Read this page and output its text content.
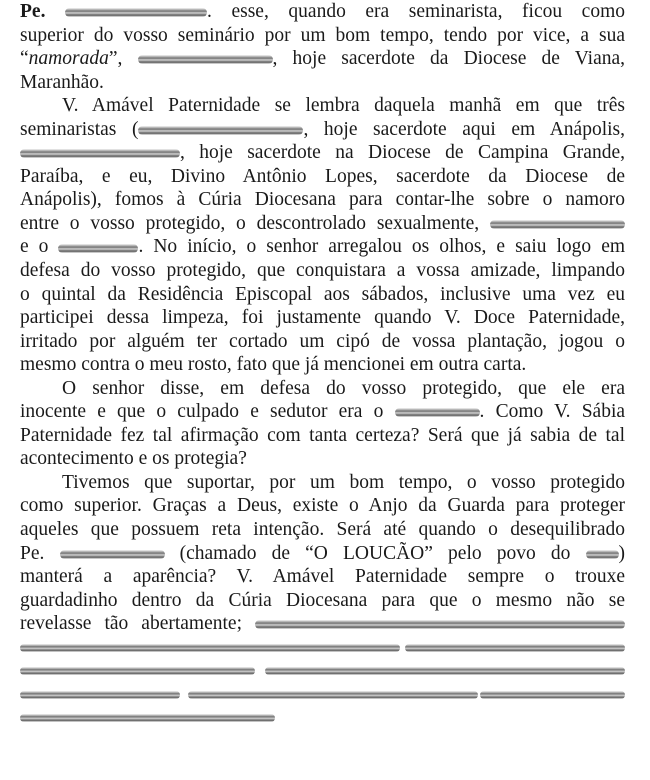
Pe.	. esse, quando era seminarista, ficou como
superior do vosso seminário por um bom tempo, tendo por vice, a sua
“namorada”,	, hoje sacerdote da Diocese de Viana,
Maranhão.
V. Amável Paternidade se lembra daquela manhã em que três
seminaristas (	, hoje sacerdote aqui em Anápolis,
, hoje sacerdote na Diocese de Campina Grande,
Paraíba, e eu, Divino Antônio Lopes, sacerdote da Diocese de
Anápolis), fomos à Cúria Diocesana para contar-lhe sobre o namoro
entre o vosso protegido, o descontrolado sexualmente,
e o	. No início, o senhor arregalou os olhos, e saiu logo em
defesa do vosso protegido, que conquistara a vossa amizade, limpando
o quintal da Residência Episcopal aos sábados, inclusive uma vez eu
participei dessa limpeza, foi justamente quando V. Doce Paternidade,
irritado por alguém ter cortado um cipó de vossa plantação, jogou o
mesmo contra o meu rosto, fato que já mencionei em outra carta.
O senhor disse, em defesa do vosso protegido, que ele era
inocente e que o culpado e sedutor era o	. Como V. Sábia
Paternidade fez tal afirmação com tanta certeza? Será que já sabia de tal
acontecimento e os protegia?
Tivemos que suportar, por um bom tempo, o vosso protegido
como superior. Graças a Deus, existe o Anjo da Guarda para proteger
aqueles que possuem reta intenção. Será até quando o desequilibrado
Pe.	(chamado de “O LOUCÃO” pelo povo do )
manterá a aparência? V. Amável Paternidade sempre o trouxe
guardadinho dentro da Cúria Diocesana para que o mesmo não se
revelasse tão abertamente;
